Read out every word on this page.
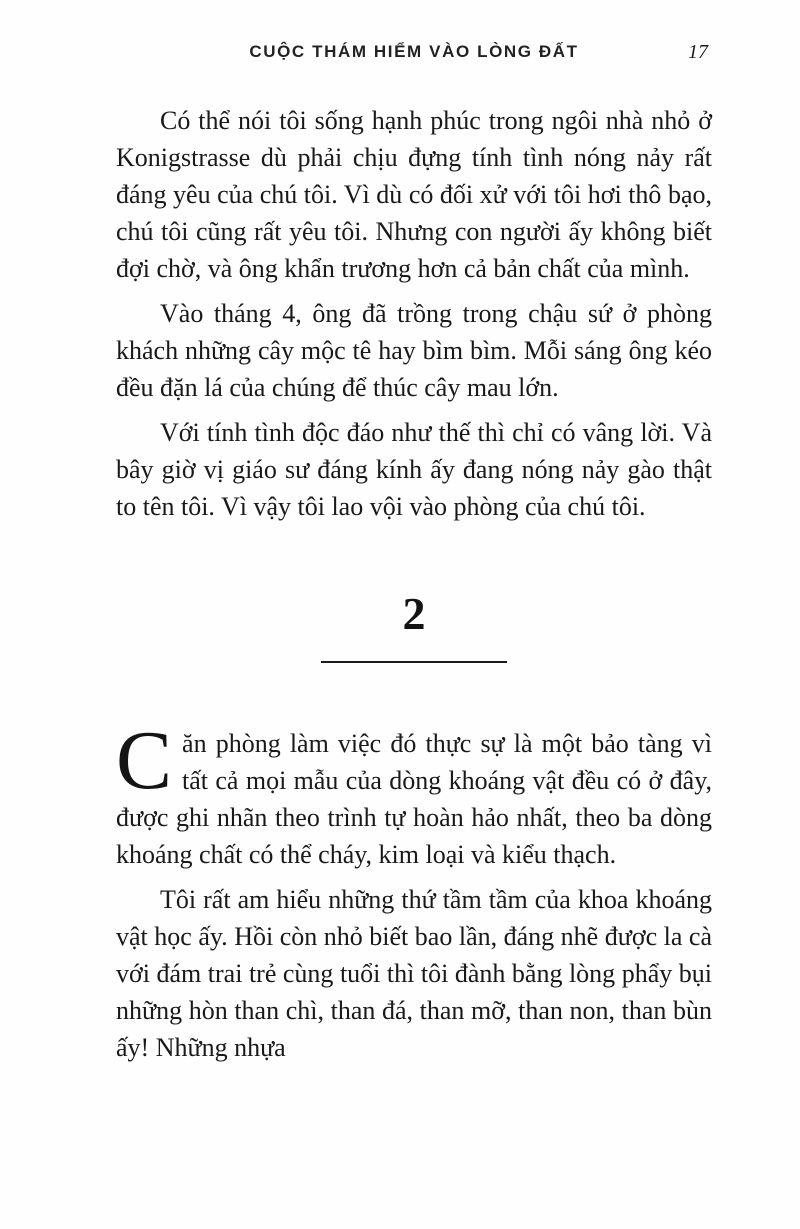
CUỘC THÁM HIỂM VÀO LÒNG ĐẤT	17

Có thể nói tôi sống hạnh phúc trong ngôi nhà nhỏ ở Konigstrasse dù phải chịu đựng tính tình nóng nảy rất đáng yêu của chú tôi. Vì dù có đối xử với tôi hơi thô bạo, chú tôi cũng rất yêu tôi. Nhưng con người ấy không biết đợi chờ, và ông khẩn trương hơn cả bản chất của mình.

Vào tháng 4, ông đã trồng trong chậu sứ ở phòng khách những cây mộc tê hay bìm bìm. Mỗi sáng ông kéo đều đặn lá của chúng để thúc cây mau lớn.

Với tính tình độc đáo như thế thì chỉ có vâng lời. Và bây giờ vị giáo sư đáng kính ấy đang nóng nảy gào thật to tên tôi. Vì vậy tôi lao vội vào phòng của chú tôi.

2

Căn phòng làm việc đó thực sự là một bảo tàng vì tất cả mọi mẫu của dòng khoáng vật đều có ở đây, được ghi nhãn theo trình tự hoàn hảo nhất, theo ba dòng khoáng chất có thể cháy, kim loại và kiểu thạch.

Tôi rất am hiểu những thứ tầm tầm của khoa khoáng vật học ấy. Hồi còn nhỏ biết bao lần, đáng nhẽ được la cà với đám trai trẻ cùng tuổi thì tôi đành bằng lòng phẩy bụi những hòn than chì, than đá, than mỡ, than non, than bùn ấy! Những nhựa
